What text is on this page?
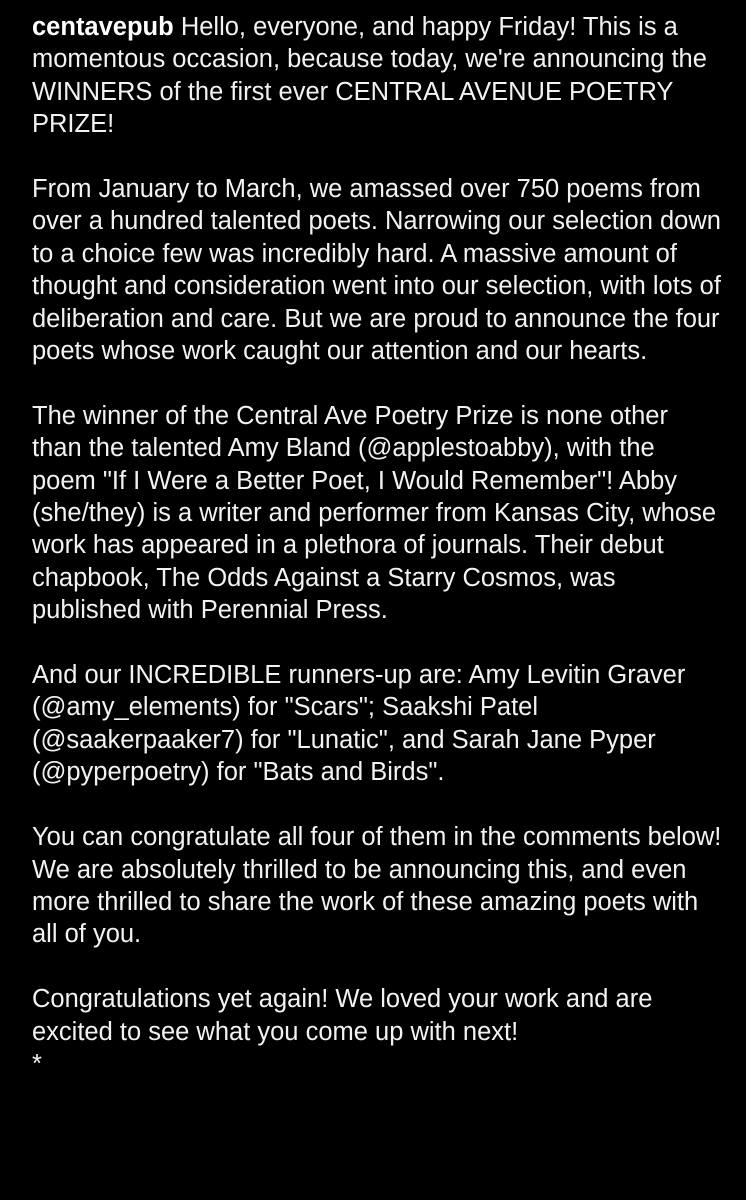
centavepub Hello, everyone, and happy Friday! This is a momentous occasion, because today, we're announcing the WINNERS of the first ever CENTRAL AVENUE POETRY PRIZE!

From January to March, we amassed over 750 poems from over a hundred talented poets. Narrowing our selection down to a choice few was incredibly hard. A massive amount of thought and consideration went into our selection, with lots of deliberation and care. But we are proud to announce the four poets whose work caught our attention and our hearts.

The winner of the Central Ave Poetry Prize is none other than the talented Amy Bland (@applestoabby), with the poem "If I Were a Better Poet, I Would Remember"! Abby (she/they) is a writer and performer from Kansas City, whose work has appeared in a plethora of journals. Their debut chapbook, The Odds Against a Starry Cosmos, was published with Perennial Press.

And our INCREDIBLE runners-up are: Amy Levitin Graver (@amy_elements) for "Scars"; Saakshi Patel (@saakerpaaker7) for "Lunatic", and Sarah Jane Pyper (@pyperpoetry) for "Bats and Birds".

You can congratulate all four of them in the comments below! We are absolutely thrilled to be announcing this, and even more thrilled to share the work of these amazing poets with all of you.

Congratulations yet again! We loved your work and are excited to see what you come up with next!

*
